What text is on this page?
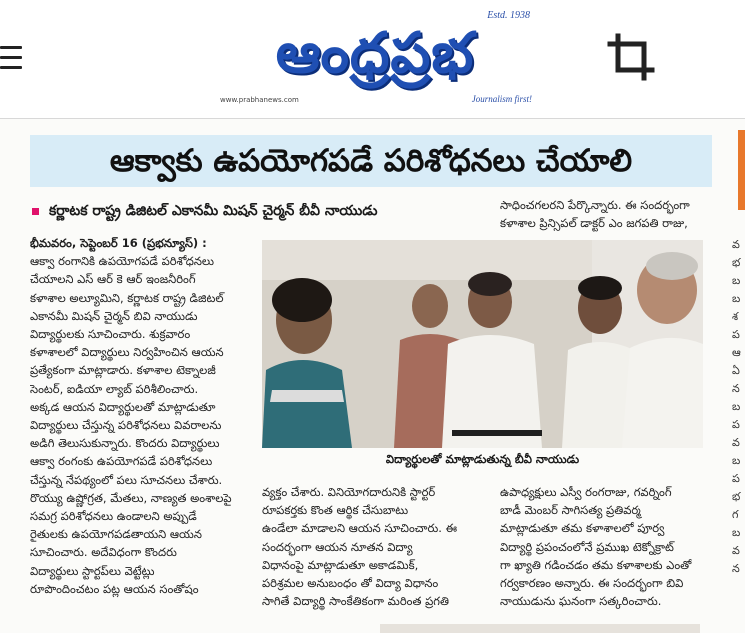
Estd. 1938
ఆంధ్రప్రభ
www.prabhanews.com	Journalism first!
ఆక్వాకు ఉపయోగపడే పరిశోధనలు చేయాలి
కర్ణాటక రాష్ట్ర డిజిటల్ ఎకానమీ మిషన్ చైర్మన్ బీవీ నాయుడు	సాధించగలరని పేర్కొన్నారు. ఈ సందర్భంగా

కళాశాల ప్రిన్సిపల్ డాక్టర్ ఎం జగపతి రాజు,

భీమవరం, సెప్టెంబర్ 16 (ప్రభన్యూస్) :

ఆక్వా రంగానికి ఉపయోగపడే పరిశోధనలు

చేయాలని ఎస్ ఆర్ కె ఆర్ ఇంజనీరింగ్

కళాశాల అల్యూమిని, కర్ణాటక రాష్ట్ర డిజిటల్

ఎకానమీ మిషన్ చైర్మన్ బివి నాయుడు

విద్యార్థులకు సూచించారు. శుక్రవారం

కళాశాలలో విద్యార్థులు నిర్వహించిన ఆయన

ప్రత్యేకంగా మాట్లాడారు. కళాశాల టెక్నాలజీ

సెంటర్, ఐడియా ల్యాబ్ పరిశీలించారు.

అక్కడ ఆయన విద్యార్థులతో మాట్లాడుతూ

విద్యార్థులు చేస్తున్న పరిశోధనలు వివరాలను

అడిగి తెలుసుకున్నారు. కొందరు విద్యార్థులు

ఆక్వా రంగంకు ఉపయోగపడే పరిశోధనలు

చేస్తున్న నేపథ్యంలో పలు సూచనలు చేశారు.

రొయ్యు ఉష్ణోగ్రత, మేతలు, నాణ్యత అంశాలపై

సమగ్ర పరిశోధనలు ఉండాలని అప్పుడే

రైతులకు ఉపయోగపడతాయని ఆయన

సూచించారు. అదేవిధంగా కొందరు

విద్యార్థులు స్టార్టప్‌లు వెట్టేట్లు

రూపొందించటం పట్ల ఆయన సంతోషం

విద్యార్థులతో మాట్లాడుతున్న బీవీ నాయుడు

వ్యక్తం చేశారు. వినియోగదారునికి స్టార్టర్

రూపకర్తకు కొంత ఆర్థిక చేసుబాటు

ఉండేలా మాడాలని ఆయన సూచించారు. ఈ

సందర్భంగా ఆయన నూతన విద్యా

విధానంపై మాట్లాడుతూ అకాడమిక్,

పరిశ్రమల అనుబంధం తో విద్యా విధానం

సాగితే విద్యార్థి సాంకేతికంగా మరింత ప్రగతి

ఉపాధ్యక్షులు ఎస్వీ రంగరాజు, గవర్నింగ్

బాడీ మెంబర్ సాగిసత్య ప్రతివర్మ

మాట్లాడుతూ తమ కళాశాలలో పూర్వ

విద్యార్థి ప్రపంచంలోనే ప్రముఖ టెక్నోక్రాట్

గా ఖ్యాతి గడించడం తమ కళాశాలకు ఎంతో

గర్వకారణం అన్నారు. ఈ సందర్భంగా బివి

నాయుడును ఘనంగా సత్కరించారు.

వభబబశపఆఏనబపవబపభగబవన
